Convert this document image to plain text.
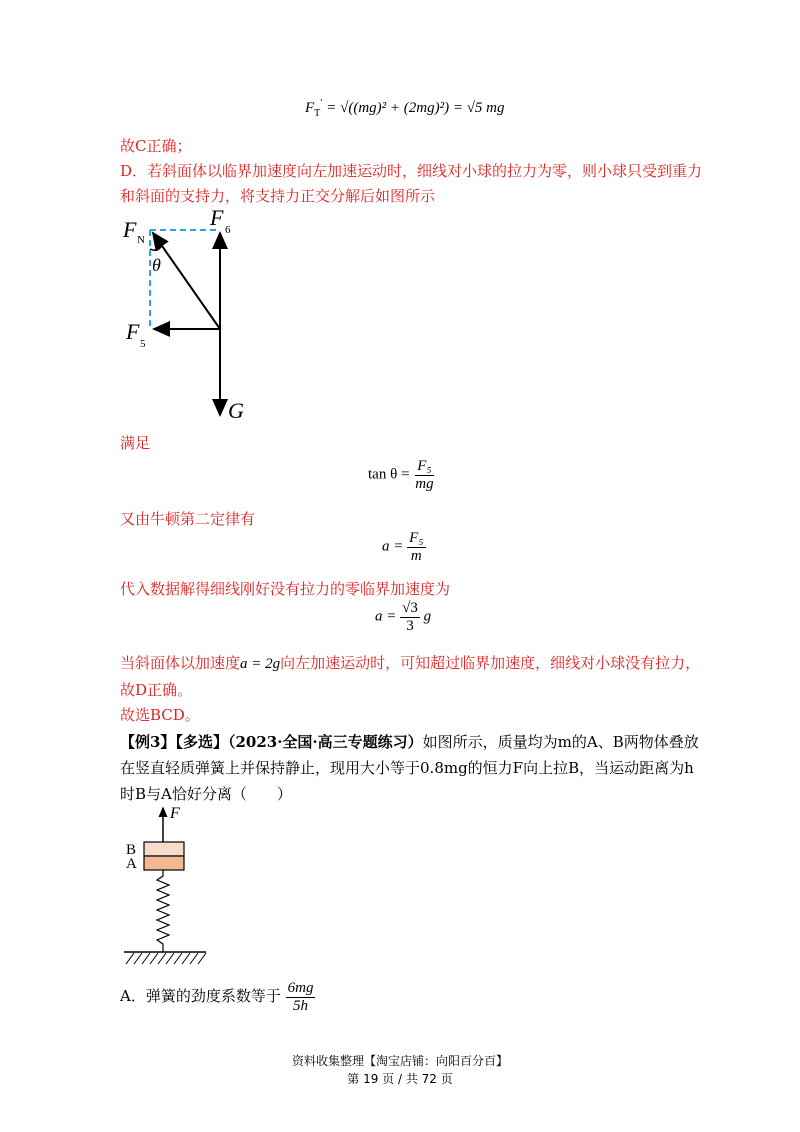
$F_T' = √((mg)^2 + (2mg)^2) = √5$ mg
故C正确；
D．若斜面体以临界加速度向左加速运动时，细线对小球的拉力为零，则小球只受到重力
和斜面的支持力，将支持力正交分解后如图所示
F N
F 6
F 5
θ
G
满足
$\tan \theta = \frac{\text{F₅}}{mg}$
又由牛顿第二定律有
$a = \frac{\text{F₅}}{m}$
代入数据解得细线刚好没有拉力的零临界加速度为
$a = \frac{√3}{3}$ g
当斜面体以加速度a = 2g向左加速运动时，可知超过临界加速度，细线对小球没有拉力，
故D正确。
故选BCD。
【例3】【多选】（2023·全国·高三专题练习）如图所示，质量均为m的A、B两物体叠放
在竖直轻质弹簧上并保持静止，现用大小等于0.8mg的恒力F向上拉B，当运动距离为h
时B与A恰好分离（　　）
F
B
A
A．弹簧的劲度系数等于 $\frac{6mg}{5h}$
资料收集整理【淘宝店铺：向阳百分百】
第 19 页 / 共 72 页
